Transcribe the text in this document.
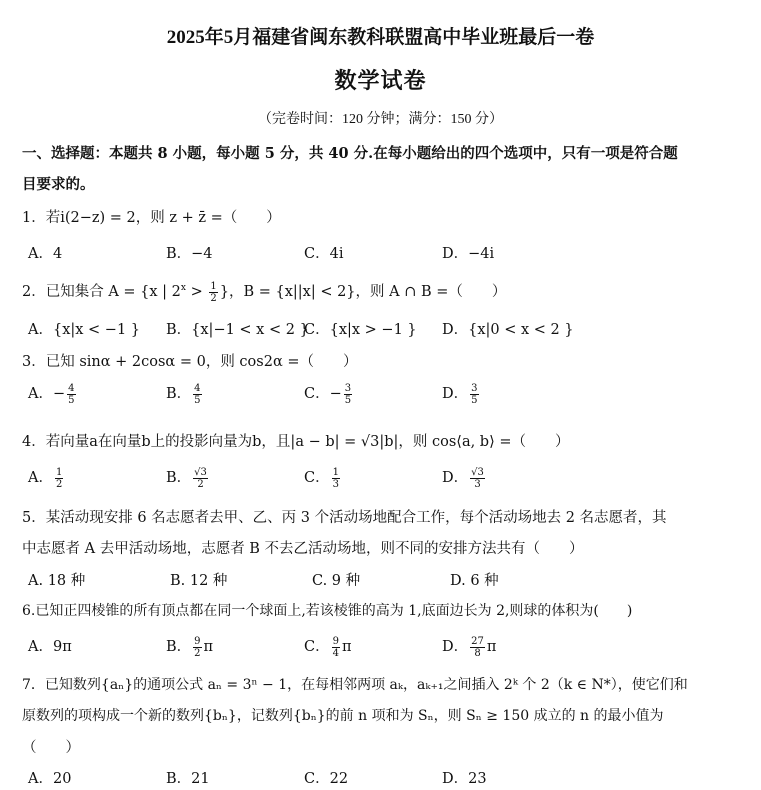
2025年5月福建省闽东教科联盟高中毕业班最后一卷
数学试卷
（完卷时间：120 分钟；满分：150 分）
一、选择题：本题共 8 小题，每小题 5 分，共 40 分.在每小题给出的四个选项中，只有一项是符合题
目要求的。
1．若i(2−z) = 2，则 z + z̄ =（　　）
A．4	B．−4	C．4i	D．−4i
2．已知集合 A = {x | $2^x > \frac{1}{2}$ }，B = {x||x| < 2}，则 A ∩ B =（　　）
A．{x|x < −1 } B．{x|−1 < x < 2 }
C．{x|x > −1 } D．{x|0 < x < 2 }
3．已知 sinα + 2cosα = 0，则 cos2α =（　　）
A．− $\frac{4}{5}$	B． $\frac{4}{5}$	C．− $\frac{3}{5}$	D． $\frac{3}{5}$
4．若向量a在向量b上的投影向量为b，且|a − b| = √3|b|，则 cos⟨a, b⟩ =（　　）
A． $\frac{1}{2}$	B． $\frac{√3}{2}$	C． $\frac{1}{3}$	D． $\frac{√3}{3}$
5．某活动现安排 6 名志愿者去甲、乙、丙 3 个活动场地配合工作，每个活动场地去 2 名志愿者，其
中志愿者 A 去甲活动场地，志愿者 B 不去乙活动场地，则不同的安排方法共有（　　）
A. 18 种	B. 12 种	C. 9 种	D. 6 种
6.已知正四棱锥的所有顶点都在同一个球面上,若该棱锥的高为 1,底面边长为 2,则球的体积为(　　)
A．9π	B． $\frac{9}{2}$ π	C． $\frac{9}{4}$ π	D． $\frac{27}{8}$ π
7．已知数列{aₙ}的通项公式 aₙ = 3ⁿ − 1，在每相邻两项 aₖ，aₖ₊₁之间插入 2ᵏ 个 2（k ∈ N*），使它们和
原数列的项构成一个新的数列{bₙ}，记数列{bₙ}的前 n 项和为 Sₙ，则 Sₙ ≥ 150 成立的 n 的最小值为
（　　）
A．20	B．21	C．22	D．23
